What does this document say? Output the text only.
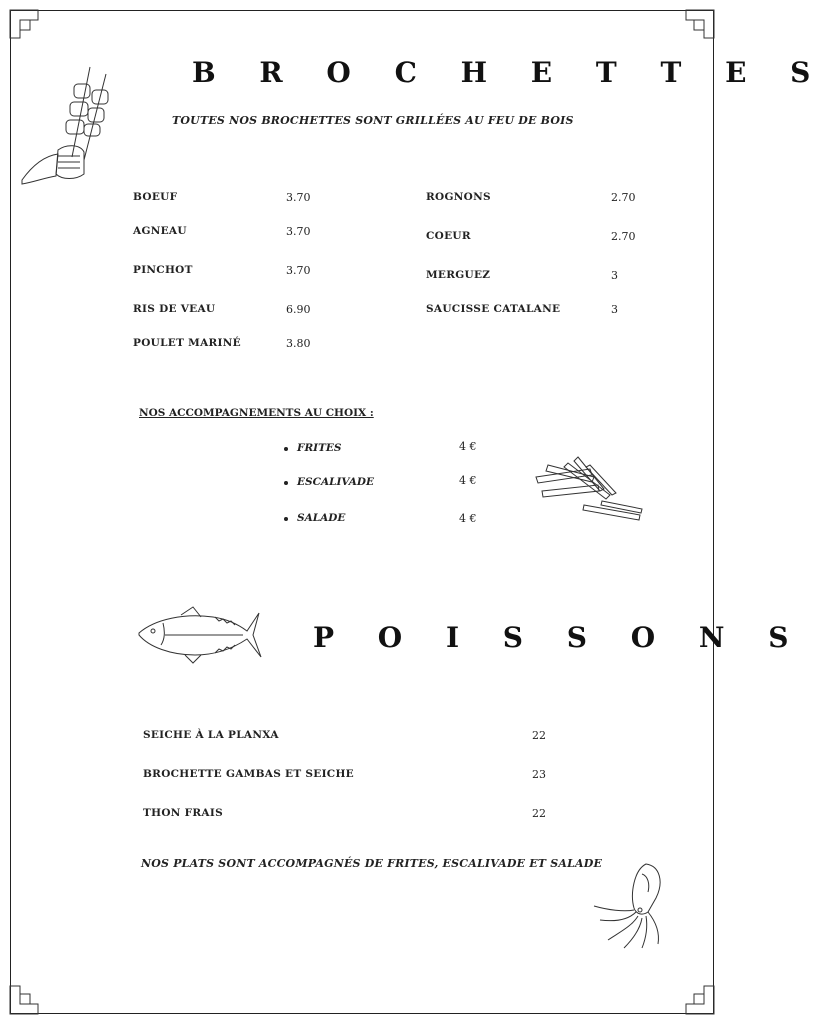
B R O C H E T T E S
TOUTES NOS BROCHETTES SONT GRILLÉES AU FEU DE BOIS
BOEUF	3.70
AGNEAU	3.70
PINCHOT	3.70
RIS DE VEAU	6.90
POULET MARINÉ	3.80
ROGNONS	2.70
COEUR	2.70
MERGUEZ	3
SAUCISSE CATALANE	3
NOS ACCOMPAGNEMENTS AU CHOIX :
FRITES	4 €
ESCALIVADE	4 €
SALADE	4 €
P O I S S O N S
SEICHE À LA PLANXA	22
BROCHETTE GAMBAS ET SEICHE	23
THON FRAIS	22
NOS PLATS SONT ACCOMPAGNÉS DE FRITES, ESCALIVADE ET SALADE
